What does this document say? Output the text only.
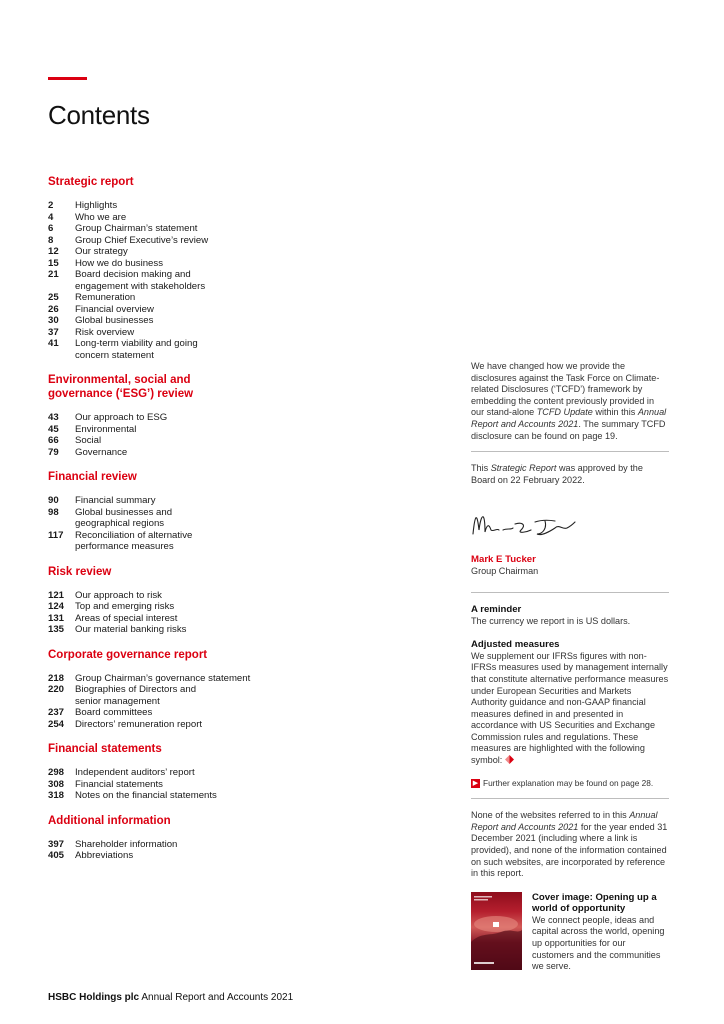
Contents
Strategic report
2	Highlights
4	Who we are
6	Group Chairman’s statement
8	Group Chief Executive’s review
12	Our strategy
15	How we do business
21	Board decision making and engagement with stakeholders
25	Remuneration
26	Financial overview
30	Global businesses
37	Risk overview
41	Long-term viability and going concern statement
Environmental, social and governance (‘ESG’) review
43	Our approach to ESG
45	Environmental
66	Social
79	Governance
Financial review
90	Financial summary
98	Global businesses and geographical regions
117	Reconciliation of alternative performance measures
Risk review
121	Our approach to risk
124	Top and emerging risks
131	Areas of special interest
135	Our material banking risks
Corporate governance report
218	Group Chairman’s governance statement
220	Biographies of Directors and senior management
237	Board committees
254	Directors’ remuneration report
Financial statements
298	Independent auditors’ report
308	Financial statements
318	Notes on the financial statements
Additional information
397	Shareholder information
405	Abbreviations

We have changed how we provide the disclosures against the Task Force on Climate-related Disclosures (‘TCFD’) framework by embedding the content previously provided in our stand-alone TCFD Update within this Annual Report and Accounts 2021. The summary TCFD disclosure can be found on page 19.

This Strategic Report was approved by the Board on 22 February 2022.

Mark E Tucker
Group Chairman
A reminder
The currency we report in is US dollars.
Adjusted measures

We supplement our IFRSs figures with non-IFRSs measures used by management internally that constitute alternative performance measures under European Securities and Markets Authority guidance and non-GAAP financial measures defined in and presented in accordance with US Securities and Exchange Commission rules and regulations. These measures are highlighted with the following symbol:

▶ Further explanation may be found on page 28.

None of the websites referred to in this Annual Report and Accounts 2021 for the year ended 31 December 2021 (including where a link is provided), and none of the information contained on such websites, are incorporated by reference in this report.

Cover image: Opening up a world of opportunity
We connect people, ideas and capital across the world, opening up opportunities for our customers and the communities we serve.
HSBC Holdings plc Annual Report and Accounts 2021
